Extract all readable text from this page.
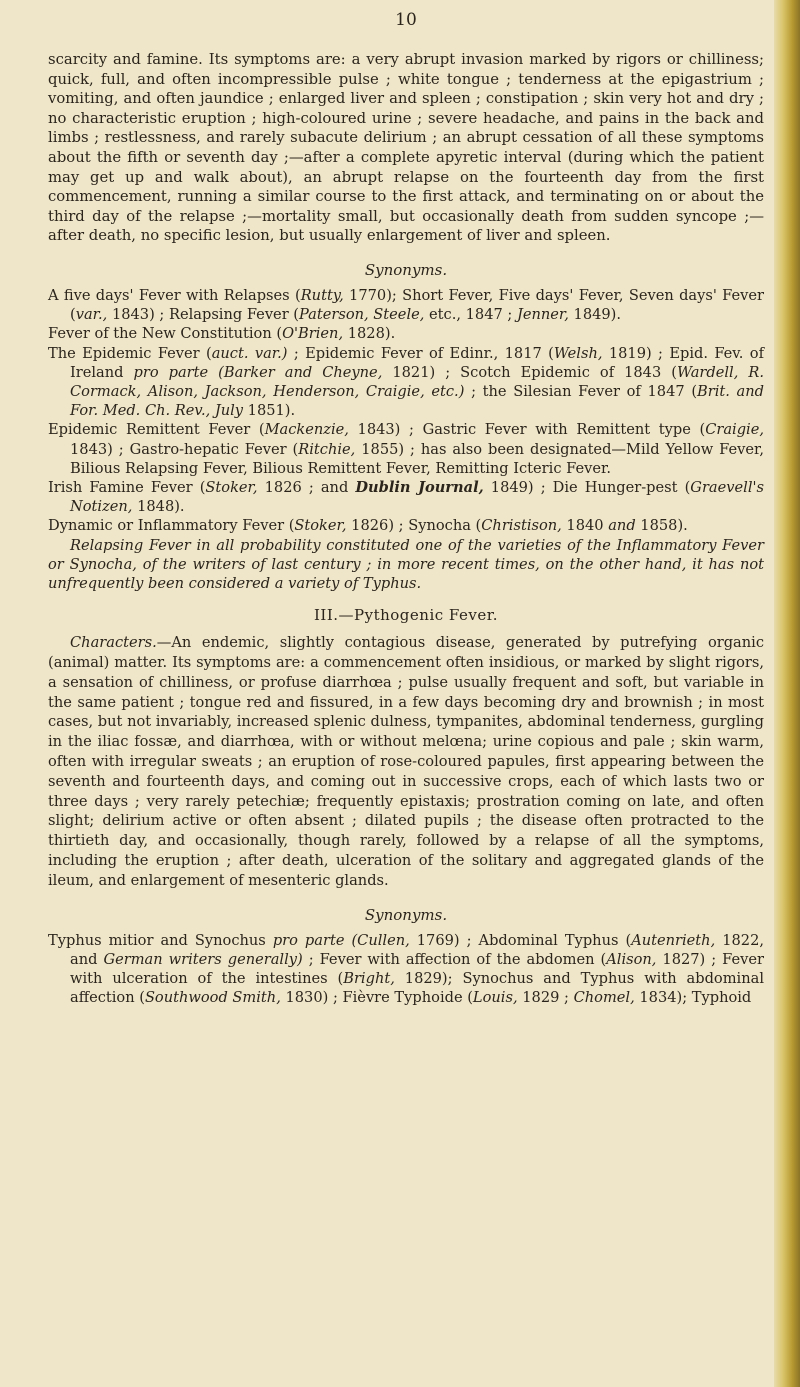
10

scarcity and famine. Its symptoms are: a very abrupt invasion marked by rigors or chilliness; quick, full, and often incompressible pulse ; white tongue ; tenderness at the epigastrium ; vomiting, and often jaundice ; enlarged liver and spleen ; constipation ; skin very hot and dry ; no characteristic eruption ; high-coloured urine ; severe headache, and pains in the back and limbs ; restlessness, and rarely subacute delirium ; an abrupt cessation of all these symptoms about the fifth or seventh day ;—after a complete apyretic interval (during which the patient may get up and walk about), an abrupt relapse on the fourteenth day from the first commencement, running a similar course to the first attack, and terminating on or about the third day of the relapse ;—mortality small, but occasionally death from sudden syncope ;—after death, no specific lesion, but usually enlargement of liver and spleen.

Synonyms.

A five days' Fever with Relapses (Rutty, 1770); Short Fever, Five days' Fever, Seven days' Fever (var., 1843) ; Relapsing Fever (Paterson, Steele, etc., 1847 ; Jenner, 1849).

Fever of the New Constitution (O'Brien, 1828).

The Epidemic Fever (auct. var.) ; Epidemic Fever of Edinr., 1817 (Welsh, 1819) ; Epid. Fev. of Ireland pro parte (Barker and Cheyne, 1821) ; Scotch Epidemic of 1843 (Wardell, R. Cormack, Alison, Jackson, Henderson, Craigie, etc.) ; the Silesian Fever of 1847 (Brit. and For. Med. Ch. Rev., July 1851).

Epidemic Remittent Fever (Mackenzie, 1843) ; Gastric Fever with Remittent type (Craigie, 1843) ; Gastro-hepatic Fever (Ritchie, 1855) ; has also been designated—Mild Yellow Fever, Bilious Relapsing Fever, Bilious Remittent Fever, Remitting Icteric Fever.

Irish Famine Fever (Stoker, 1826 ; and Dublin Journal, 1849) ; Die Hunger-pest (Graevell's Notizen, 1848).

Dynamic or Inflammatory Fever (Stoker, 1826) ; Synocha (Christison, 1840 and 1858).

Relapsing Fever in all probability constituted one of the varieties of the Inflammatory Fever or Synocha, of the writers of last century ; in more recent times, on the other hand, it has not unfrequently been considered a variety of Typhus.

III.—Pythogenic Fever.

Characters.—An endemic, slightly contagious disease, generated by putrefying organic (animal) matter. Its symptoms are: a commencement often insidious, or marked by slight rigors, a sensation of chilliness, or profuse diarrhœa ; pulse usually frequent and soft, but variable in the same patient ; tongue red and fissured, in a few days becoming dry and brownish ; in most cases, but not invariably, increased splenic dulness, tympanites, abdominal tenderness, gurgling in the iliac fossæ, and diarrhœa, with or without melœna; urine copious and pale ; skin warm, often with irregular sweats ; an eruption of rose-coloured papules, first appearing between the seventh and fourteenth days, and coming out in successive crops, each of which lasts two or three days ; very rarely petechiæ; frequently epistaxis; prostration coming on late, and often slight; delirium active or often absent ; dilated pupils ; the disease often protracted to the thirtieth day, and occasionally, though rarely, followed by a relapse of all the symptoms, including the eruption ; after death, ulceration of the solitary and aggregated glands of the ileum, and enlargement of mesenteric glands.

Synonyms.

Typhus mitior and Synochus pro parte (Cullen, 1769) ; Abdominal Typhus (Autenrieth, 1822, and German writers generally) ; Fever with affection of the abdomen (Alison, 1827) ; Fever with ulceration of the intestines (Bright, 1829); Synochus and Typhus with abdominal affection (Southwood Smith, 1830) ; Fièvre Typhoide (Louis, 1829 ; Chomel, 1834); Typhoid
